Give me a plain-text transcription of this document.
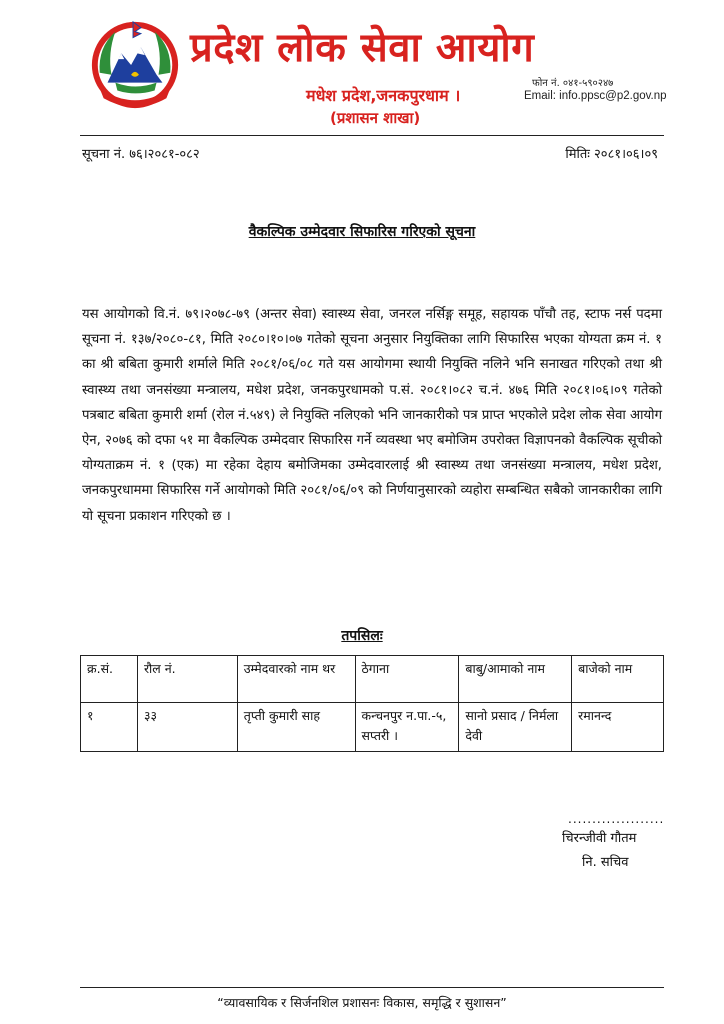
प्रदेश लोक सेवा आयोग
मधेश प्रदेश,जनकपुरधाम ।
(प्रशासन शाखा)
फोन नं. ०४१-५९०२४७
Email: info.ppsc@p2.gov.np
सूचना नं. ७६।२०८१-०८२	मितिः २०८१।०६।०९
वैकल्पिक उम्मेदवार सिफारिस गरिएको सूचना
यस आयोगको वि.नं. ७९।२०७८-७९ (अन्तर सेवा) स्वास्थ्य सेवा, जनरल नर्सिङ्ग समूह, सहायक पाँचौ तह, स्टाफ नर्स पदमा सूचना नं. १३७/२०८०-८१, मिति २०८०।१०।०७ गतेको सूचना अनुसार नियुक्तिका लागि सिफारिस भएका योग्यता क्रम नं. १ का श्री बबिता कुमारी शर्माले मिति २०८१/०६/०८ गते यस आयोगमा स्थायी नियुक्ति नलिने भनि सनाखत गरिएको तथा श्री स्वास्थ्य तथा जनसंख्या मन्त्रालय, मधेश प्रदेश, जनकपुरधामको प.सं. २०८१।०८२ च.नं. ४७६ मिति २०८१।०६।०९ गतेको पत्रबाट बबिता कुमारी शर्मा (रोल नं.५४९) ले नियुक्ति नलिएको भनि जानकारीको पत्र प्राप्त भएकोले प्रदेश लोक सेवा आयोग ऐन, २०७६ को दफा ५१ मा वैकल्पिक उम्मेदवार सिफारिस गर्ने व्यवस्था भए बमोजिम उपरोक्त विज्ञापनको वैकल्पिक सूचीको योग्यताक्रम नं. १ (एक) मा रहेका देहाय बमोजिमका उम्मेदवारलाई श्री स्वास्थ्य तथा जनसंख्या मन्त्रालय, मधेश प्रदेश, जनकपुरधाममा सिफारिस गर्ने आयोगको मिति २०८१/०६/०९ को निर्णयानुसारको व्यहोरा सम्बन्धित सबैको जानकारीका लागि यो सूचना प्रकाशन गरिएको छ ।
तपसिलः
क्र.सं.	रौल नं.	उम्मेदवारको नाम थर	ठेगाना	बाबु/आमाको नाम	बाजेको नाम
१	३३	तृप्ती कुमारी साह	कन्चनपुर न.पा.-५, सप्तरी ।	सानो प्रसाद / निर्मला देवी	रमानन्द
....................
चिरन्जीवी गौतम
नि. सचिव
“व्यावसायिक र सिर्जनशिल प्रशासनः विकास, समृद्धि र सुशासन”
